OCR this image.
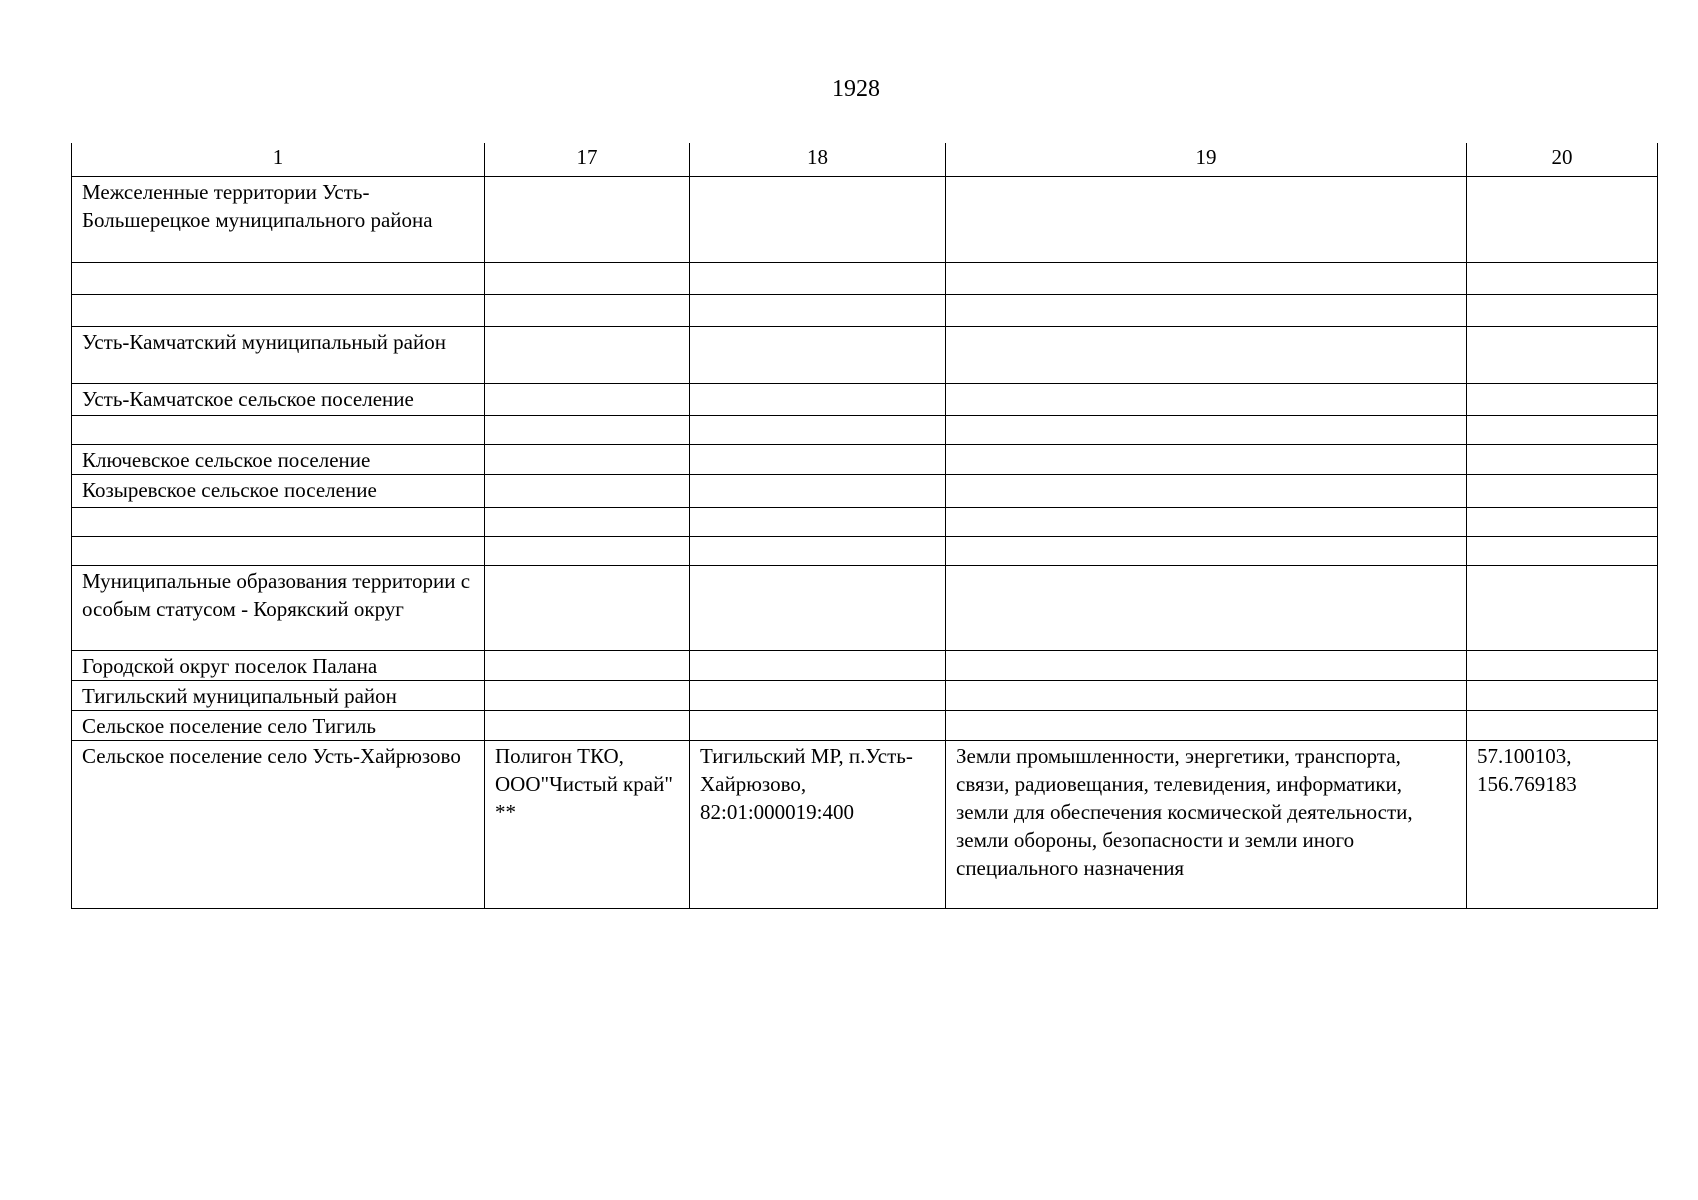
1928
1	17	18	19	20
Межселенные территории Усть-Большерецкое муниципального района				

Усть-Камчатский муниципальный район				
Усть-Камчатское сельское поселение				

Ключевское сельское поселение				
Козыревское сельское поселение				

Муниципальные образования территории с особым статусом - Корякский округ				
Городской округ поселок Палана				
Тигильский муниципальный район				
Сельское поселение село Тигиль				
Сельское поселение село Усть-Хайрюзово	Полигон ТКО, ООО"Чистый край" **	Тигильский МР, п.Усть-Хайрюзово, 82:01:000019:400	Земли промышленности, энергетики, транспорта, связи, радиовещания, телевидения, информатики, земли для обеспечения космической деятельности, земли обороны, безопасности и земли иного специального назначения	57.100103, 156.769183
